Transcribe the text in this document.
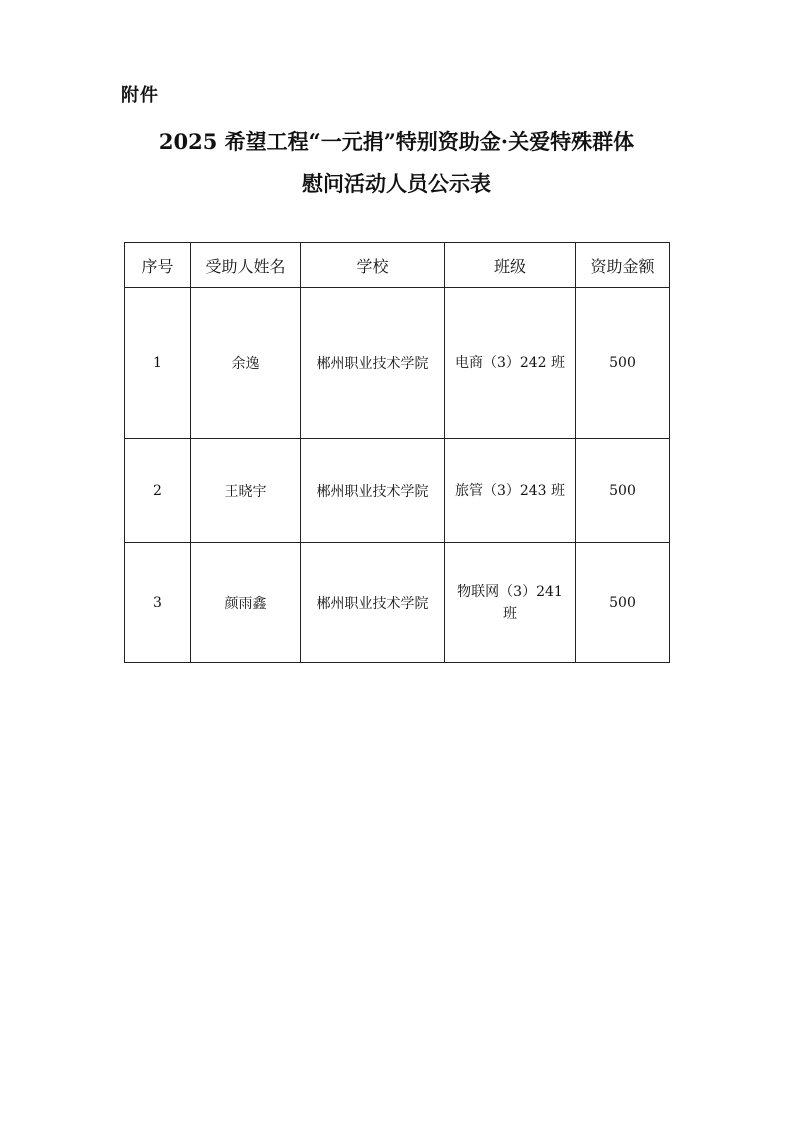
附件
2025 希望工程“一元捐”特别资助金·关爱特殊群体
慰问活动人员公示表
序号	受助人姓名	学校	班级	资助金额
1	余逸	郴州职业技术学院	电商（3）242 班	500
2	王晓宇	郴州职业技术学院	旅管（3）243 班	500
3	颜雨鑫	郴州职业技术学院	物联网（3）241 班	500
